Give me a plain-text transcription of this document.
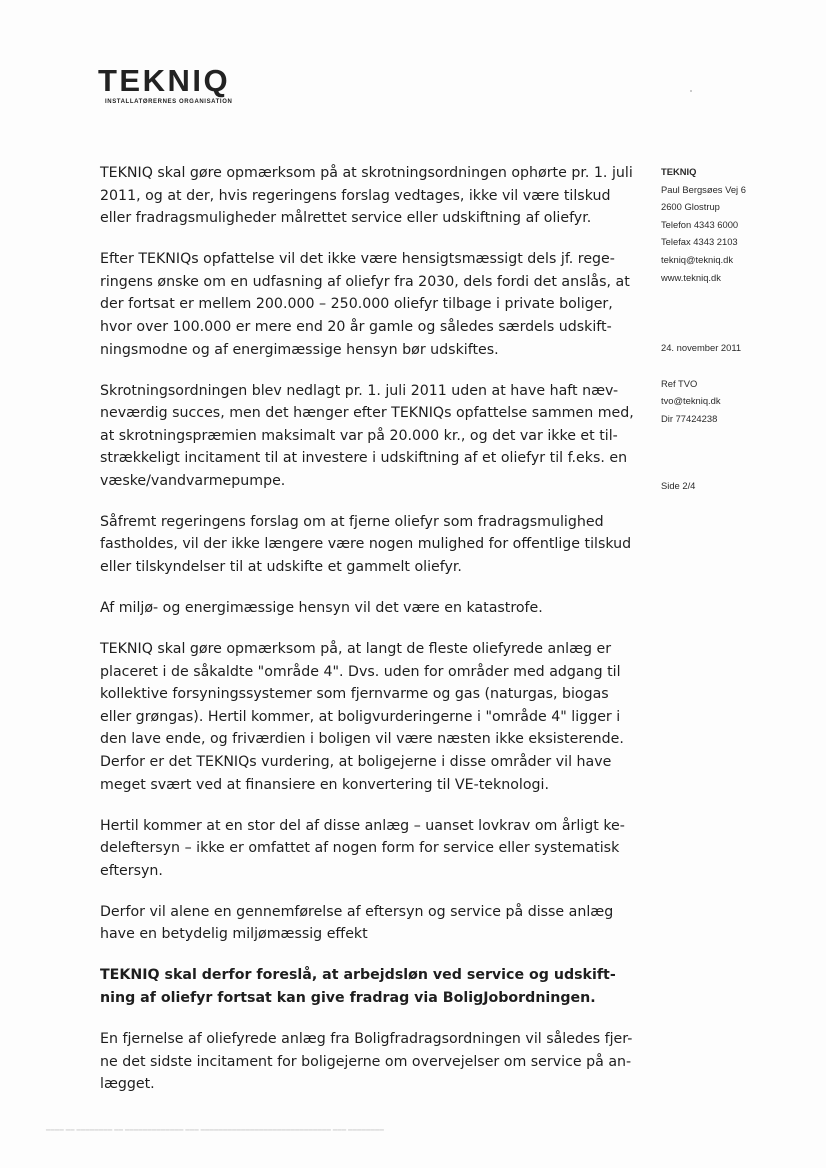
TEKNIQ
INSTALLATØRERNES ORGANISATION

TEKNIQ skal gøre opmærksom på at skrotningsordningen ophørte pr. 1. juli
2011, og at der, hvis regeringens forslag vedtages, ikke vil være tilskud
eller fradragsmuligheder målrettet service eller udskiftning af oliefyr.

Efter TEKNIQs opfattelse vil det ikke være hensigtsmæssigt dels jf. rege-
ringens ønske om en udfasning af oliefyr fra 2030, dels fordi det anslås, at
der fortsat er mellem 200.000 – 250.000 oliefyr tilbage i private boliger,
hvor over 100.000 er mere end 20 år gamle og således særdels udskift-
ningsmodne og af energimæssige hensyn bør udskiftes.

Skrotningsordningen blev nedlagt pr. 1. juli 2011 uden at have haft næv-
neværdig succes, men det hænger efter TEKNIQs opfattelse sammen med,
at skrotningspræmien maksimalt var på 20.000 kr., og det var ikke et til-
strækkeligt incitament til at investere i udskiftning af et oliefyr til f.eks. en
væske/vandvarmepumpe.

Såfremt regeringens forslag om at fjerne oliefyr som fradragsmulighed
fastholdes, vil der ikke længere være nogen mulighed for offentlige tilskud
eller tilskyndelser til at udskifte et gammelt oliefyr.

Af miljø- og energimæssige hensyn vil det være en katastrofe.

TEKNIQ skal gøre opmærksom på, at langt de fleste oliefyrede anlæg er
placeret i de såkaldte "område 4". Dvs. uden for områder med adgang til
kollektive forsyningssystemer som fjernvarme og gas (naturgas, biogas
eller grøngas). Hertil kommer, at boligvurderingerne i "område 4" ligger i
den lave ende, og friværdien i boligen vil være næsten ikke eksisterende.
Derfor er det TEKNIQs vurdering, at boligejerne i disse områder vil have
meget svært ved at finansiere en konvertering til VE-teknologi.

Hertil kommer at en stor del af disse anlæg – uanset lovkrav om årligt ke-
deleftersyn – ikke er omfattet af nogen form for service eller systematisk
eftersyn.

Derfor vil alene en gennemførelse af eftersyn og service på disse anlæg
have en betydelig miljømæssig effekt

TEKNIQ skal derfor foreslå, at arbejdsløn ved service og udskift-
ning af oliefyr fortsat kan give fradrag via BoligJobordningen.

En fjernelse af oliefyrede anlæg fra Boligfradragsordningen vil således fjer-
ne det sidste incitament for boligejerne om overvejelser om service på an-
lægget.

TEKNIQ
Paul Bergsøes Vej 6
2600 Glostrup
Telefon 4343 6000
Telefax 4343 2103
tekniq@tekniq.dk
www.tekniq.dk
24. november 2011
Ref TVO
tvo@tekniq.dk
Dir 77424238
Side 2/4
▁▁▁▁ ▁▁ ▁▁▁▁▁▁▁▁ ▁▁ ▁▁▁▁▁▁▁▁▁▁▁▁▁ ▁▁▁ ▁▁▁▁▁▁▁▁▁▁▁▁▁▁▁▁▁▁▁▁▁▁▁▁▁▁▁▁▁ ▁▁▁ ▁▁▁▁▁▁▁▁
